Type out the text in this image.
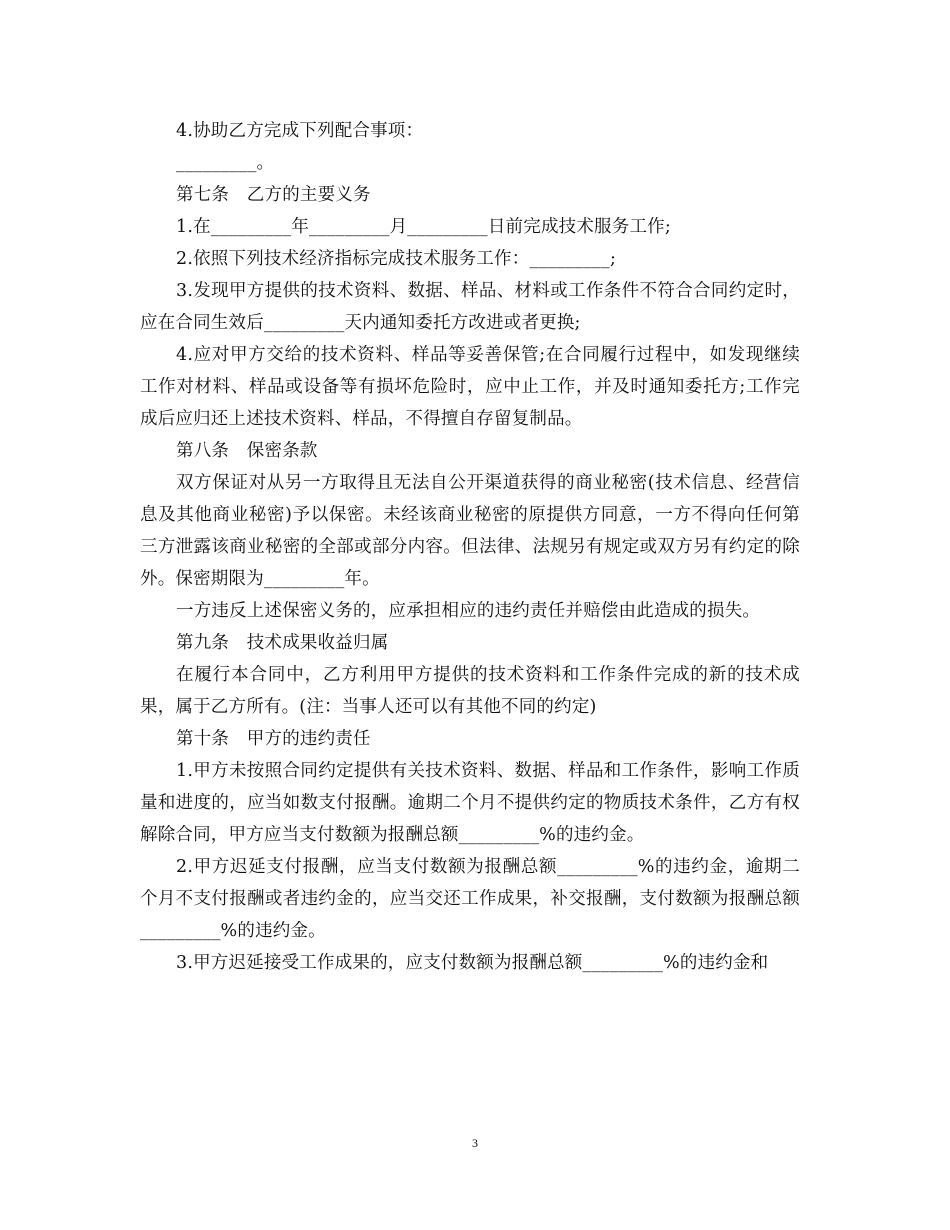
4.协助乙方完成下列配合事项：

_________。

第七条　乙方的主要义务

1.在_________年_________月_________日前完成技术服务工作;

2.依照下列技术经济指标完成技术服务工作：_________;

3.发现甲方提供的技术资料、数据、样品、材料或工作条件不符合合同约定时，应在合同生效后_________天内通知委托方改进或者更换;

4.应对甲方交给的技术资料、样品等妥善保管;在合同履行过程中，如发现继续工作对材料、样品或设备等有损坏危险时，应中止工作，并及时通知委托方;工作完成后应归还上述技术资料、样品，不得擅自存留复制品。

第八条　保密条款

双方保证对从另一方取得且无法自公开渠道获得的商业秘密(技术信息、经营信息及其他商业秘密)予以保密。未经该商业秘密的原提供方同意，一方不得向任何第三方泄露该商业秘密的全部或部分内容。但法律、法规另有规定或双方另有约定的除外。保密期限为_________年。

一方违反上述保密义务的，应承担相应的违约责任并赔偿由此造成的损失。

第九条　技术成果收益归属

在履行本合同中，乙方利用甲方提供的技术资料和工作条件完成的新的技术成果，属于乙方所有。(注：当事人还可以有其他不同的约定)

第十条　甲方的违约责任

1.甲方未按照合同约定提供有关技术资料、数据、样品和工作条件，影响工作质量和进度的，应当如数支付报酬。逾期二个月不提供约定的物质技术条件，乙方有权解除合同，甲方应当支付数额为报酬总额_________%的违约金。

2.甲方迟延支付报酬，应当支付数额为报酬总额_________%的违约金，逾期二个月不支付报酬或者违约金的，应当交还工作成果，补交报酬，支付数额为报酬总额_________%的违约金。

3.甲方迟延接受工作成果的，应支付数额为报酬总额_________%的违约金和

3
